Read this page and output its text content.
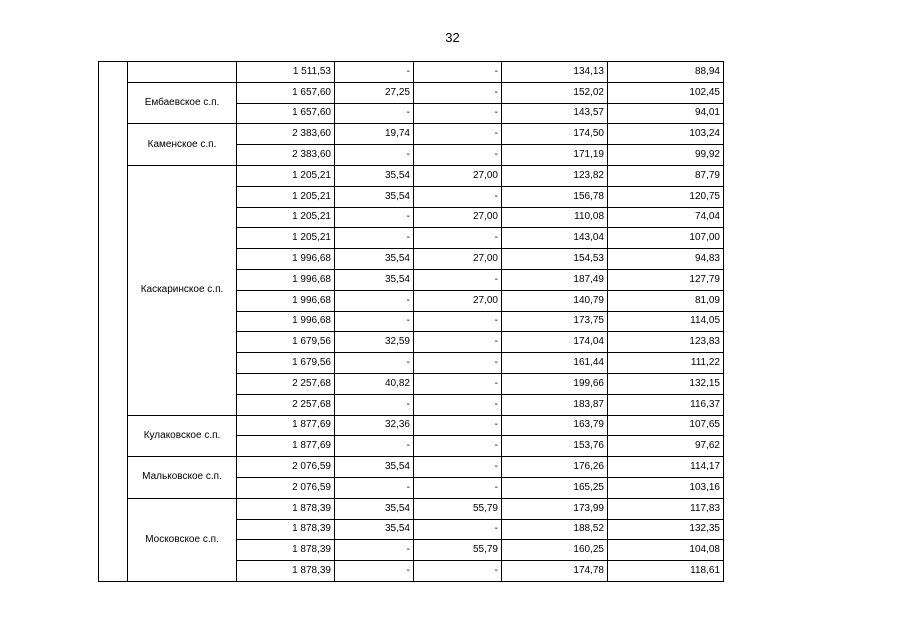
32
		1 511,53	-	-	134,13	88,94
	Ембаевское с.п.	1 657,60	27,25	-	152,02	102,45
		1 657,60	-	-	143,57	94,01
	Каменское с.п.	2 383,60	19,74	-	174,50	103,24
		2 383,60	-	-	171,19	99,92
	Каскаринское с.п.	1 205,21	35,54	27,00	123,82	87,79
		1 205,21	35,54	-	156,78	120,75
		1 205,21	-	27,00	110,08	74,04
		1 205,21	-	-	143,04	107,00
		1 996,68	35,54	27,00	154,53	94,83
		1 996,68	35,54	-	187,49	127,79
		1 996,68	-	27,00	140,79	81,09
		1 996,68	-	-	173,75	114,05
		1 679,56	32,59	-	174,04	123,83
		1 679,56	-	-	161,44	111,22
		2 257,68	40,82	-	199,66	132,15
		2 257,68	-	-	183,87	116,37
	Кулаковское с.п.	1 877,69	32,36	-	163,79	107,65
		1 877,69	-	-	153,76	97,62
	Мальковское с.п.	2 076,59	35,54	-	176,26	114,17
		2 076,59	-	-	165,25	103,16
	Московское с.п.	1 878,39	35,54	55,79	173,99	117,83
		1 878,39	35,54	-	188,52	132,35
		1 878,39	-	55,79	160,25	104,08
		1 878,39	-	-	174,78	118,61
